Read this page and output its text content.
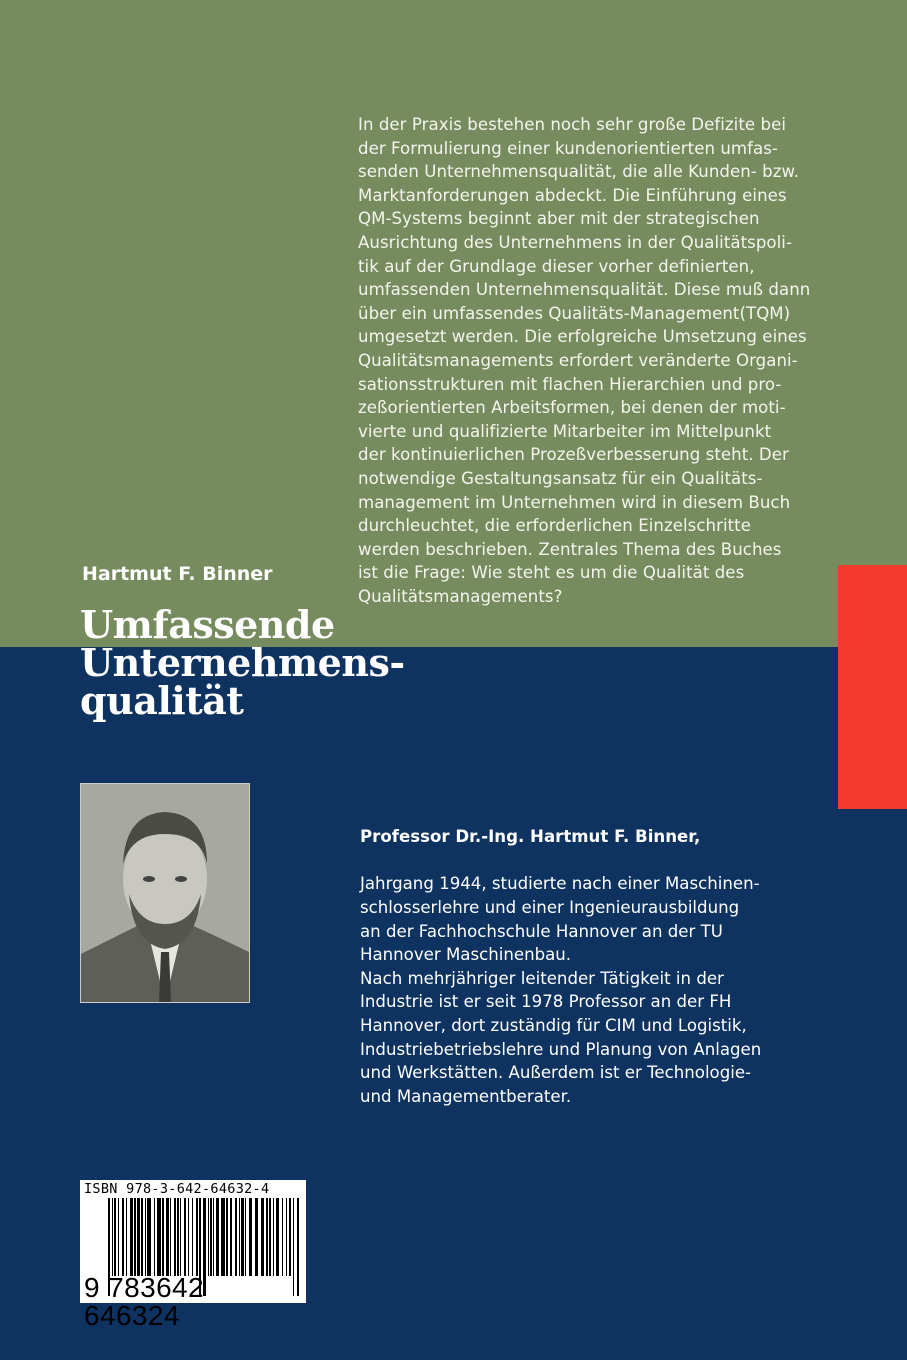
In der Praxis bestehen noch sehr große Defizite bei
der Formulierung einer kundenorientierten umfas-
senden Unternehmensqualität, die alle Kunden- bzw.
Marktanforderungen abdeckt. Die Einführung eines
QM-Systems beginnt aber mit der strategischen
Ausrichtung des Unternehmens in der Qualitätspoli-
tik auf der Grundlage dieser vorher definierten,
umfassenden Unternehmensqualität. Diese muß dann
über ein umfassendes Qualitäts-Management(TQM)
umgesetzt werden. Die erfolgreiche Umsetzung eines
Qualitätsmanagements erfordert veränderte Organi-
sationsstrukturen mit flachen Hierarchien und pro-
zeßorientierten Arbeitsformen, bei denen der moti-
vierte und qualifizierte Mitarbeiter im Mittelpunkt
der kontinuierlichen Prozeßverbesserung steht. Der
notwendige Gestaltungsansatz für ein Qualitäts-
management im Unternehmen wird in diesem Buch
durchleuchtet, die erforderlichen Einzelschritte
werden beschrieben. Zentrales Thema des Buches
ist die Frage: Wie steht es um die Qualität des
Qualitätsmanagements?
Hartmut F. Binner
Umfassende
Unternehmens-
qualität

Professor Dr.-Ing. Hartmut F. Binner,

Jahrgang 1944, studierte nach einer Maschinen-
schlosserlehre und einer Ingenieurausbildung
an der Fachhochschule Hannover an der TU
Hannover Maschinenbau.
Nach mehrjähriger leitender Tätigkeit in der
Industrie ist er seit 1978 Professor an der FH
Hannover, dort zuständig für CIM und Logistik,
Industriebetriebslehre und Planung von Anlagen
und Werkstätten. Außerdem ist er Technologie-
und Managementberater.
ISBN 978-3-642-64632-4
9 783642 646324
